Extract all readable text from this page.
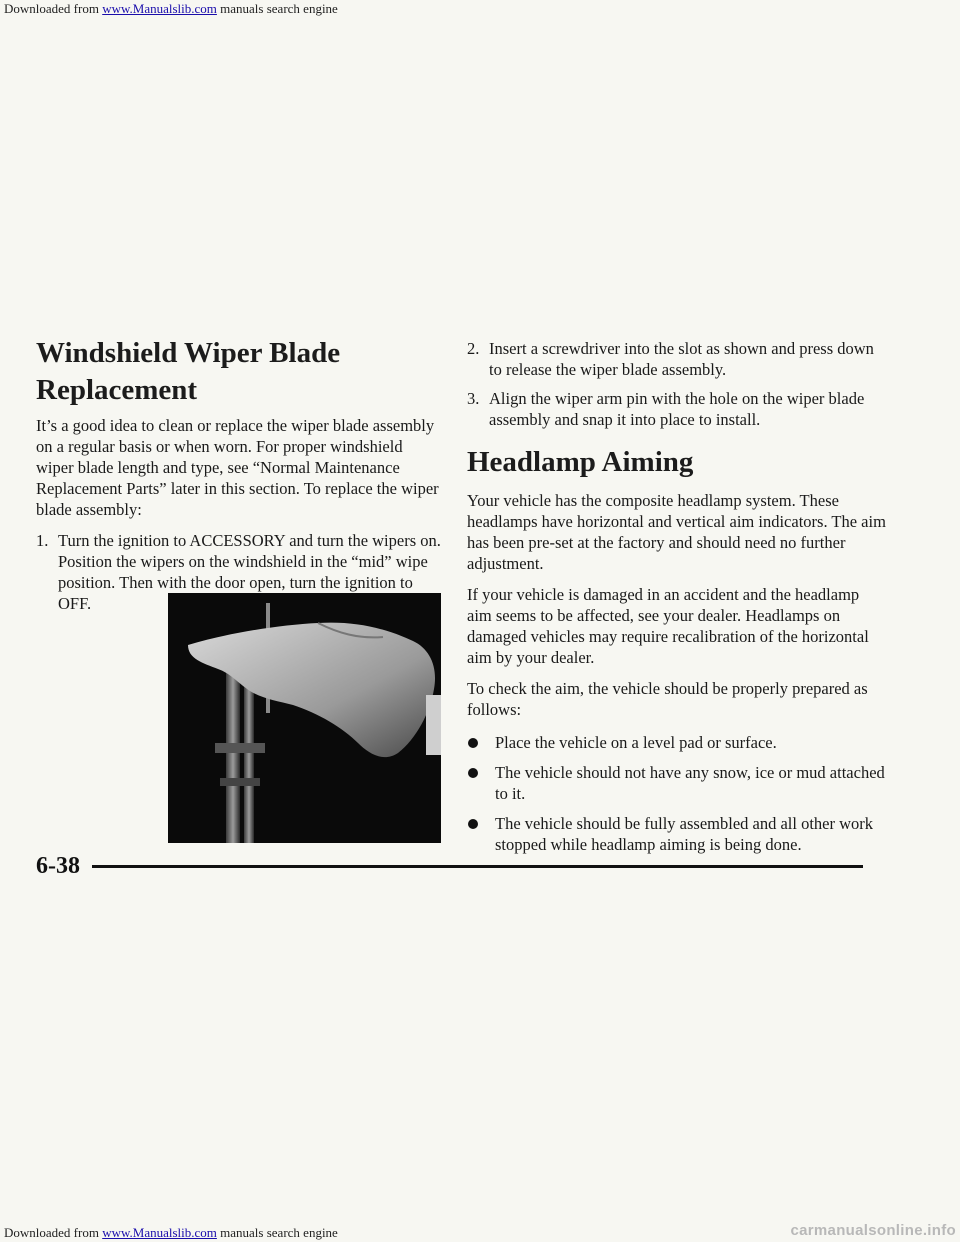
Downloaded from www.Manualslib.com manuals search engine
Windshield Wiper Blade Replacement

It’s a good idea to clean or replace the wiper blade assembly on a regular basis or when worn. For proper windshield wiper blade length and type, see “Normal Maintenance Replacement Parts” later in this section. To replace the wiper blade assembly:

1. Turn the ignition to ACCESSORY and turn the wipers on. Position the wipers on the windshield in the “mid” wipe position. Then with the door open, turn the ignition to OFF.
2. Insert a screwdriver into the slot as shown and press down to release the wiper blade assembly.
3. Align the wiper arm pin with the hole on the wiper blade assembly and snap it into place to install.
Headlamp Aiming

Your vehicle has the composite headlamp system. These headlamps have horizontal and vertical aim indicators. The aim has been pre-set at the factory and should need no further adjustment.

If your vehicle is damaged in an accident and the headlamp aim seems to be affected, see your dealer. Headlamps on damaged vehicles may require recalibration of the horizontal aim by your dealer.

To check the aim, the vehicle should be properly prepared as follows:

Place the vehicle on a level pad or surface.
The vehicle should not have any snow, ice or mud attached to it.
The vehicle should be fully assembled and all other work stopped while headlamp aiming is being done.
6-38
Downloaded from www.Manualslib.com manuals search engine	carmanualsonline.info
